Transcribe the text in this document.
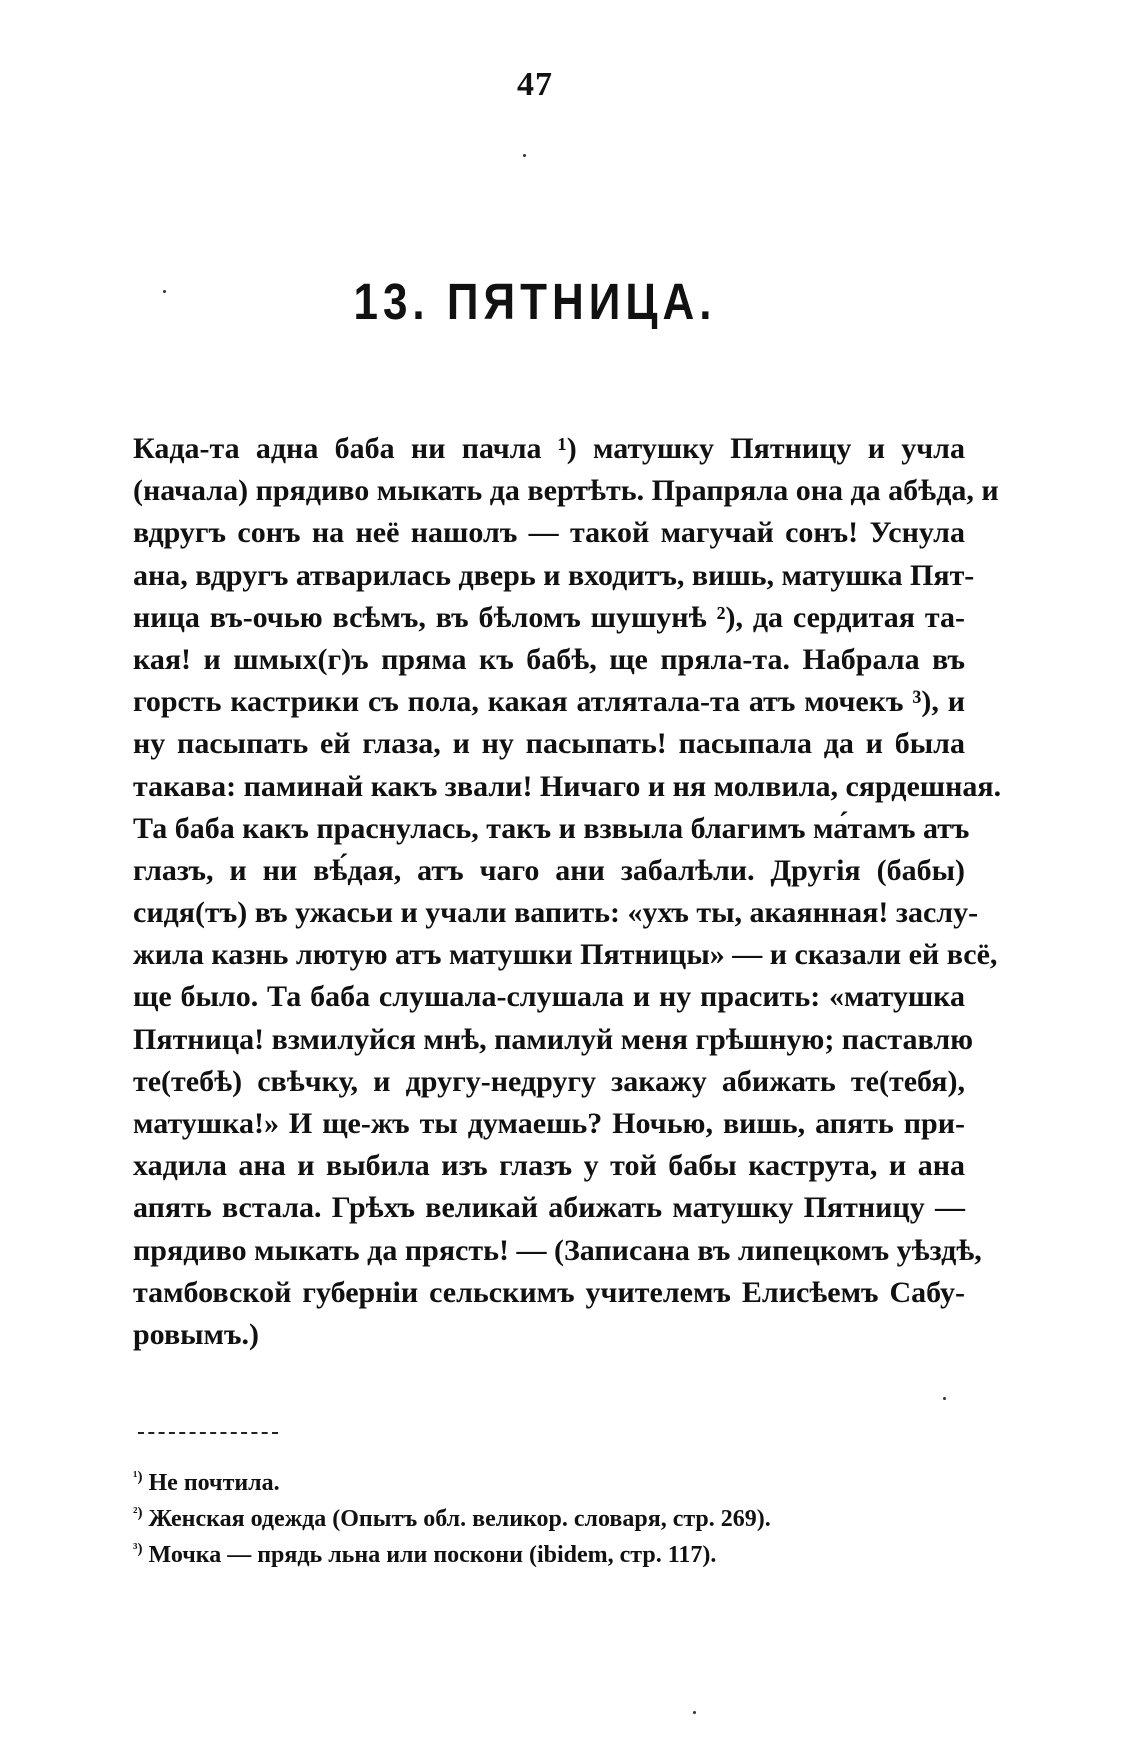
47
13. ПЯТНИЦА.
Када-та адна баба ни пачла ¹) матушку Пятницу и учла
(начала) прядиво мыкать да вертѣть. Прапряла она да абѣда, и
вдругъ сонъ на неё нашолъ — такой магучай сонъ! Уснула
ана, вдругъ атварилась дверь и входитъ, вишь, матушка Пят-
ница въ-очью всѣмъ, въ бѣломъ шушунѣ ²), да сердитая та-
кая! и шмых(г)ъ пряма къ бабѣ, ще пряла-та. Набрала въ
горсть кастрики съ пола, какая атлятала-та атъ мочекъ ³), и
ну пасыпать ей глаза, и ну пасыпать! пасыпала да и была
такава: паминай какъ звали! Ничаго и ня молвила, сярдешная.
Та баба какъ праснулась, такъ и взвыла благимъ ма́тамъ атъ
глазъ, и ни вѣ́дая, атъ чаго ани забалѣли. Другія (бабы)
сидя(тъ) въ ужасьи и учали вапить: «ухъ ты, акаянная! заслу-
жила казнь лютую атъ матушки Пятницы» — и сказали ей всё,
ще было. Та баба слушала-слушала и ну прасить: «матушка
Пятница! взмилуйся мнѣ, памилуй меня грѣшную; паставлю
те(тебѣ) свѣчку, и другу-недругу закажу абижать те(тебя),
матушка!» И ще-жъ ты думаешь? Ночью, вишь, апять при-
хадила ана и выбила изъ глазъ у той бабы каструта, и ана
апять встала. Грѣхъ великай абижать матушку Пятницу —
прядиво мыкать да прясть! — (Записана въ липецкомъ уѣздѣ,
тамбовской губерніи сельскимъ учителемъ Елисѣемъ Сабу-
ровымъ.)
$^{^1)}$ Не почтила.
$^{^2)}$ Женская одежда (Опытъ обл. великор. словаря, стр. 269).
$^{^3)}$ Мочка — прядь льна или поскони (ibidem, стр. 117).
